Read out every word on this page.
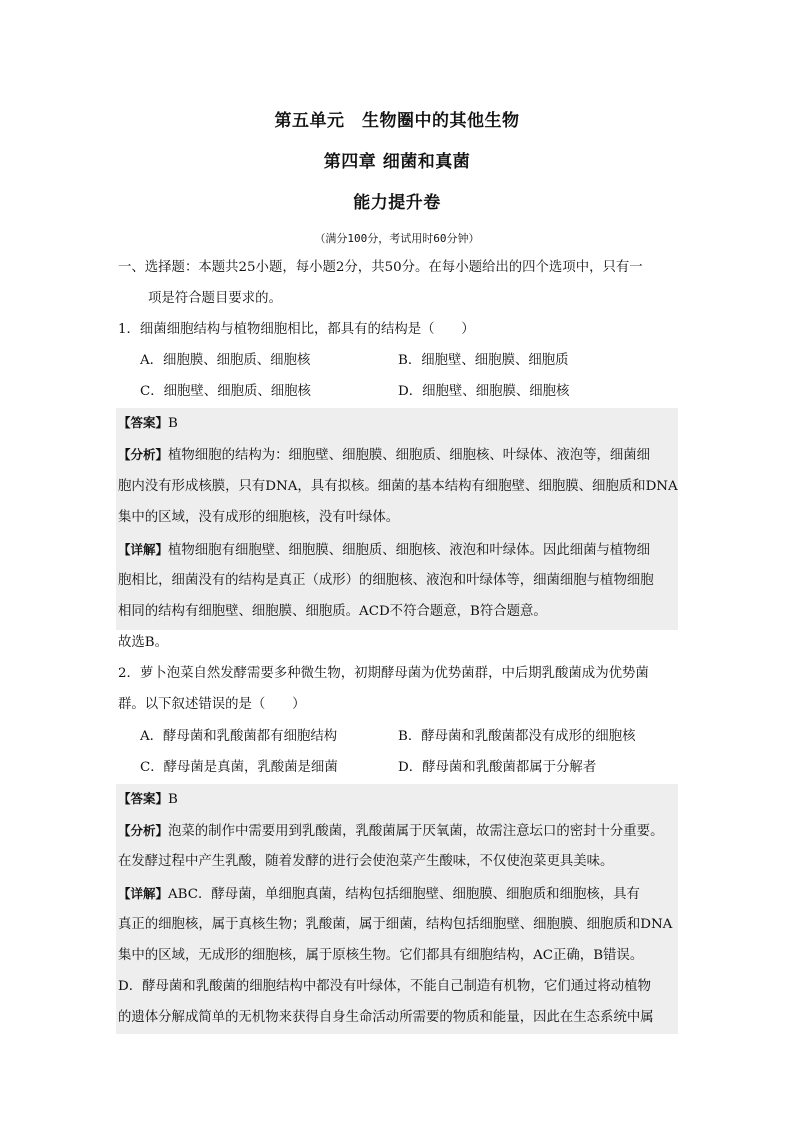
第五单元　生物圈中的其他生物
第四章 细菌和真菌
能力提升卷
（满分100分，考试用时60分钟）
一、选择题：本题共25小题，每小题2分，共50分。在每小题给出的四个选项中，只有一
项是符合题目要求的。
1．细菌细胞结构与植物细胞相比，都具有的结构是（　　）
A．细胞膜、细胞质、细胞核	B．细胞壁、细胞膜、细胞质
C．细胞壁、细胞质、细胞核	D．细胞壁、细胞膜、细胞核
【答案】B
【分析】植物细胞的结构为：细胞壁、细胞膜、细胞质、细胞核、叶绿体、液泡等，细菌细
胞内没有形成核膜，只有DNA，具有拟核。细菌的基本结构有细胞壁、细胞膜、细胞质和DNA
集中的区域，没有成形的细胞核，没有叶绿体。
【详解】植物细胞有细胞壁、细胞膜、细胞质、细胞核、液泡和叶绿体。因此细菌与植物细
胞相比，细菌没有的结构是真正（成形）的细胞核、液泡和叶绿体等，细菌细胞与植物细胞
相同的结构有细胞壁、细胞膜、细胞质。ACD不符合题意，B符合题意。
故选B。
2．萝卜泡菜自然发酵需要多种微生物，初期酵母菌为优势菌群，中后期乳酸菌成为优势菌
群。以下叙述错误的是（　　）
A．酵母菌和乳酸菌都有细胞结构	B．酵母菌和乳酸菌都没有成形的细胞核
C．酵母菌是真菌，乳酸菌是细菌	D．酵母菌和乳酸菌都属于分解者
【答案】B
【分析】泡菜的制作中需要用到乳酸菌，乳酸菌属于厌氧菌，故需注意坛口的密封十分重要。
在发酵过程中产生乳酸，随着发酵的进行会使泡菜产生酸味，不仅使泡菜更具美味。
【详解】ABC．酵母菌，单细胞真菌，结构包括细胞壁、细胞膜、细胞质和细胞核，具有
真正的细胞核，属于真核生物；乳酸菌，属于细菌，结构包括细胞壁、细胞膜、细胞质和DNA
集中的区域，无成形的细胞核，属于原核生物。它们都具有细胞结构，AC正确，B错误。
D．酵母菌和乳酸菌的细胞结构中都没有叶绿体，不能自己制造有机物，它们通过将动植物
的遗体分解成简单的无机物来获得自身生命活动所需要的物质和能量，因此在生态系统中属
